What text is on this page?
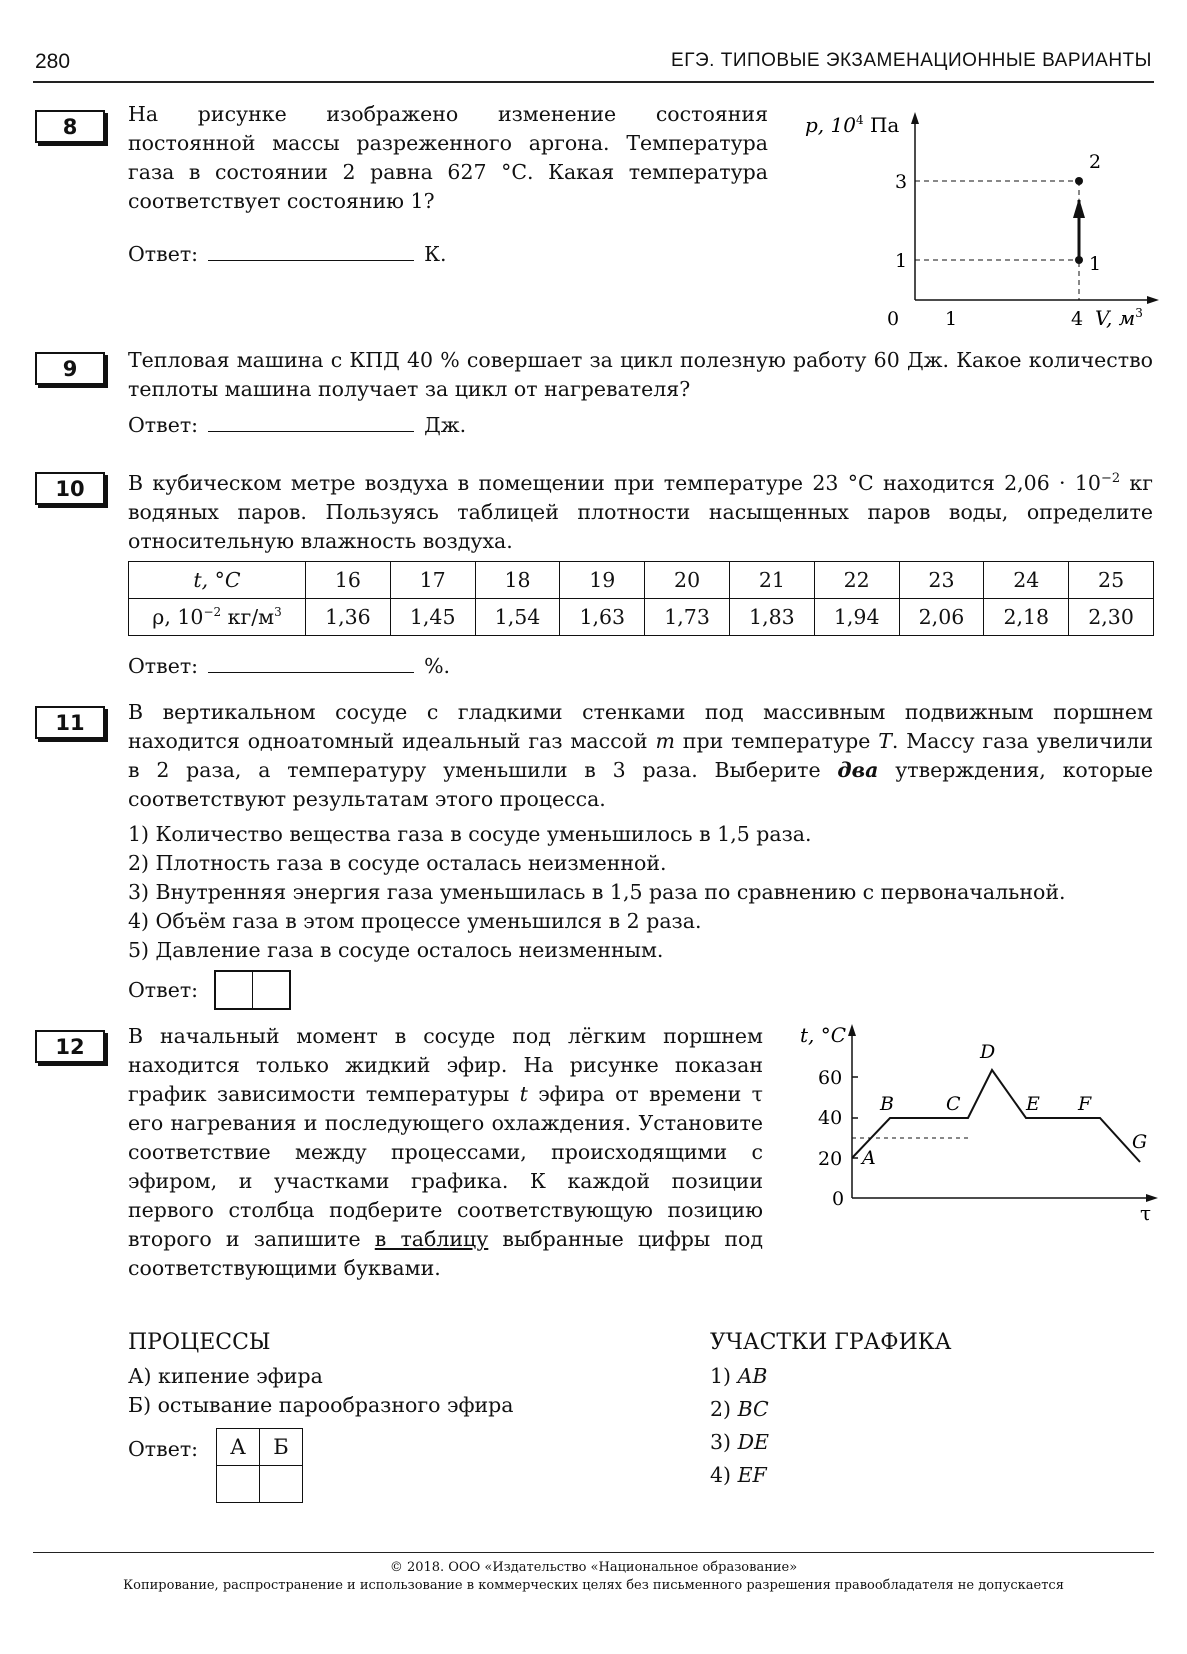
280	ЕГЭ. ТИПОВЫЕ ЭКЗАМЕНАЦИОННЫЕ ВАРИАНТЫ
8
На рисунке изображено изменение состояния постоянной массы разреженного аргона. Температура газа в состоянии 2 равна 627 °С. Какая температура соответствует состоянию 1?
Ответ:	К.
p, $10^4$ Па
3
1
0 1	4 V, $м^3$
1
2
9	Тепловая машина с КПД 40 % совершает за цикл полезную работу 60 Дж. Какое количество теплоты машина получает за цикл от нагревателя?
Ответ:	Дж.
10	В кубическом метре воздуха в помещении при температуре 23 °С находится $2,06 \cdot 10^{-2}$ кг водяных паров. Пользуясь таблицей плотности насыщенных паров воды, определите относительную влажность воздуха.
t, °С	16	17	18	19	20	21	22	23	24	25
ρ, $10^{-2}$ $кг/м^3$	1,36	1,45	1,54	1,63	1,73	1,83	1,94	2,06	2,18	2,30
Ответ:	%.
11	В вертикальном сосуде с гладкими стенками под массивным подвижным поршнем находится одноатомный идеальный газ массой m при температуре T. Массу газа увеличили в 2 раза, а температуру уменьшили в 3 раза. Выберите два утверждения, которые соответствуют результатам этого процесса.
1) Количество вещества газа в сосуде уменьшилось в 1,5 раза.
2) Плотность газа в сосуде осталась неизменной.
3) Внутренняя энергия газа уменьшилась в 1,5 раза по сравнению с первоначальной.
4) Объём газа в этом процессе уменьшился в 2 раза.
5) Давление газа в сосуде осталось неизменным.
Ответ:
12	В начальный момент в сосуде под лёгким поршнем находится только жидкий эфир. На рисунке показан график зависимости температуры t эфира от времени τ его нагревания и последующего охлаждения. Установите соответствие между процессами, происходящими с эфиром, и участками графика. К каждой позиции первого столбца подберите соответствующую позицию второго и запишите в таблицу выбранные цифры под соответствующими буквами.
t, °С
60
40
20
0
τ
A
B	C
D
E F
G
ПРОЦЕССЫ
А) кипение эфира
Б) остывание парообразного эфира
УЧАСТКИ ГРАФИКА
1) AB
2) BC
3) DE
4) EF
Ответ: А	Б

© 2018. ООО «Издательство «Национальное образование»
Копирование, распространение и использование в коммерческих целях без письменного разрешения правообладателя не допускается
